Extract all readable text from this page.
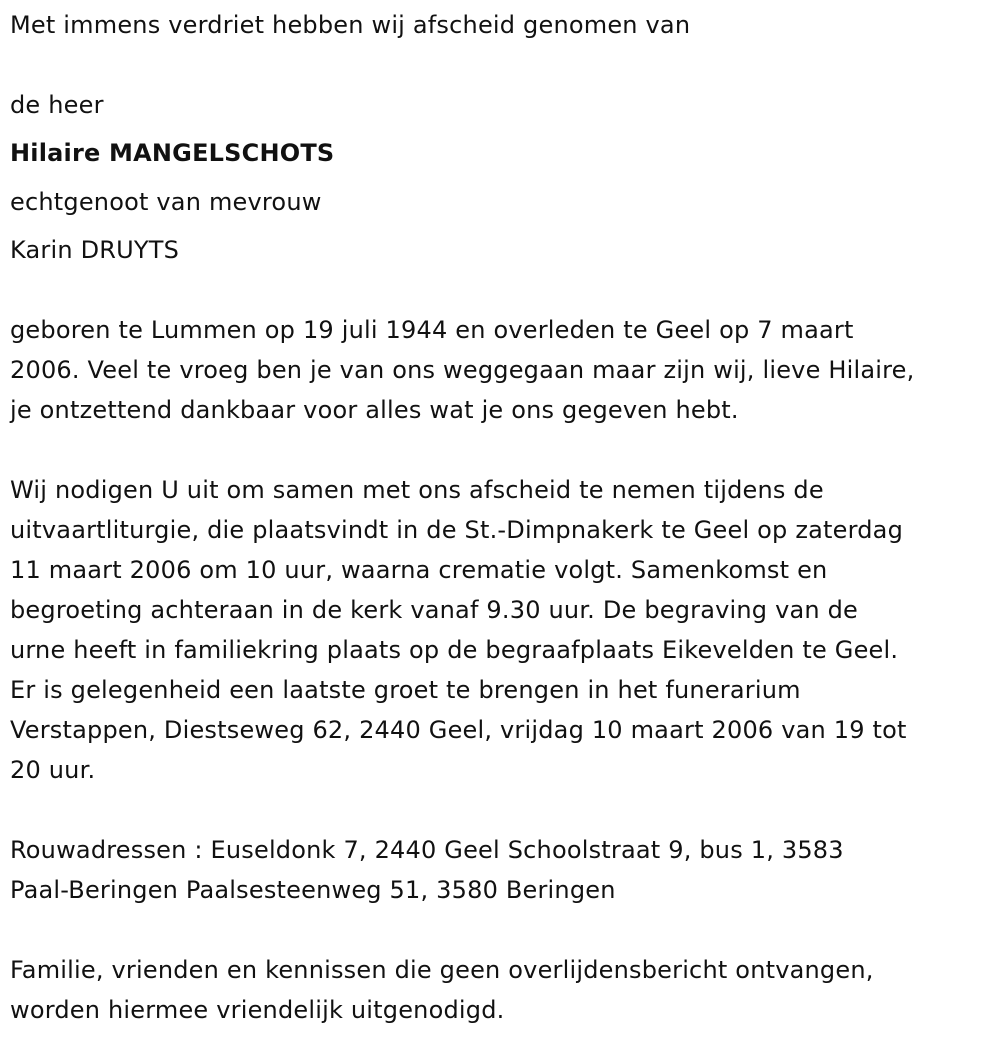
Met immens verdriet hebben wij afscheid genomen van
de heer
Hilaire MANGELSCHOTS
echtgenoot van mevrouw
Karin DRUYTS
geboren te Lummen op 19 juli 1944 en overleden te Geel op 7 maart
2006. Veel te vroeg ben je van ons weggegaan maar zijn wij, lieve Hilaire,
je ontzettend dankbaar voor alles wat je ons gegeven hebt.
Wij nodigen U uit om samen met ons afscheid te nemen tijdens de
uitvaartliturgie, die plaatsvindt in de St.-Dimpnakerk te Geel op zaterdag
11 maart 2006 om 10 uur, waarna crematie volgt. Samenkomst en
begroeting achteraan in de kerk vanaf 9.30 uur. De begraving van de
urne heeft in familiekring plaats op de begraafplaats Eikevelden te Geel.
Er is gelegenheid een laatste groet te brengen in het funerarium
Verstappen, Diestseweg 62, 2440 Geel, vrijdag 10 maart 2006 van 19 tot
20 uur.
Rouwadressen : Euseldonk 7, 2440 Geel Schoolstraat 9, bus 1, 3583
Paal-Beringen Paalsesteenweg 51, 3580 Beringen
Familie, vrienden en kennissen die geen overlijdensbericht ontvangen,
worden hiermee vriendelijk uitgenodigd.
